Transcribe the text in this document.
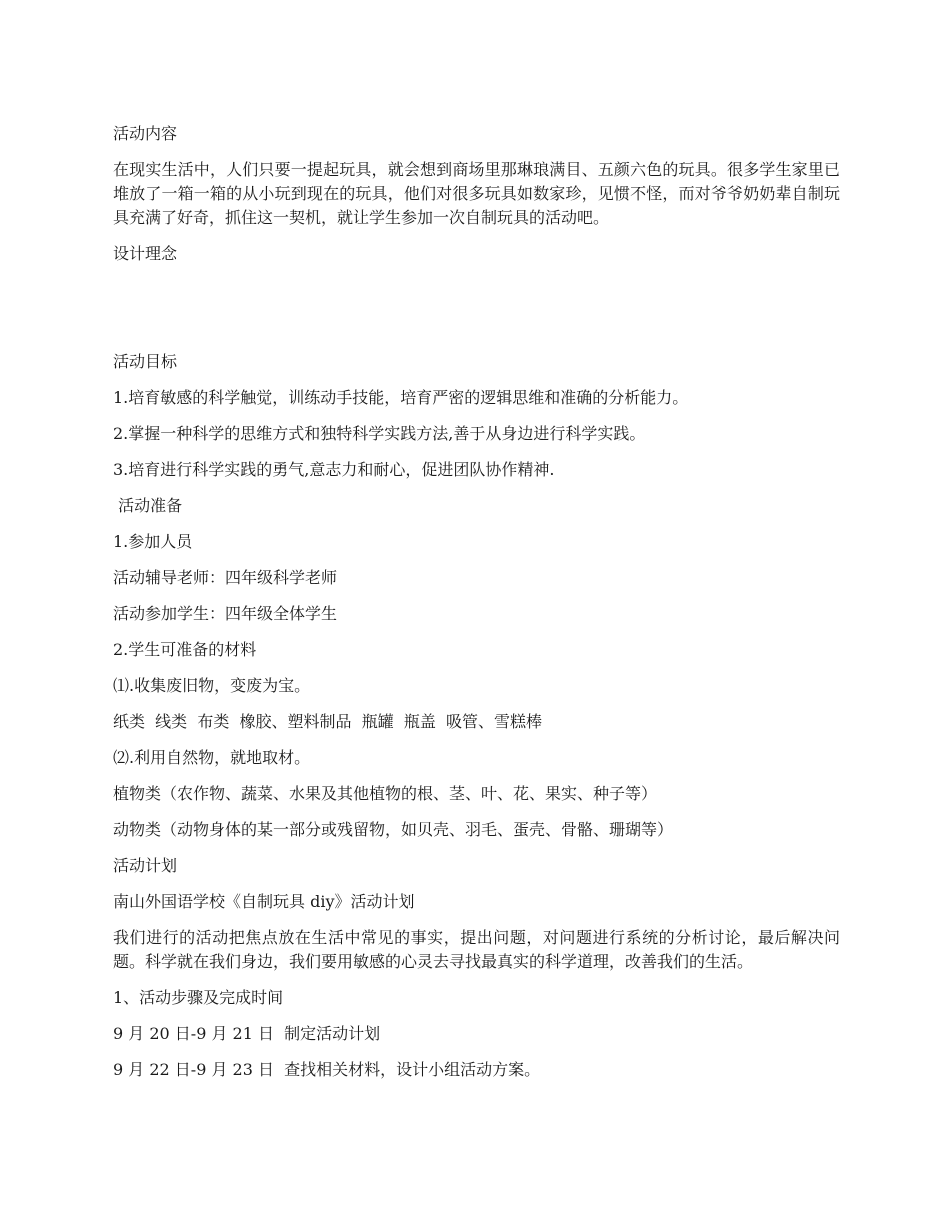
活动内容

在现实生活中，人们只要一提起玩具，就会想到商场里那琳琅满目、五颜六色的玩具。很多学生家里已堆放了一箱一箱的从小玩到现在的玩具，他们对很多玩具如数家珍，见惯不怪，而对爷爷奶奶辈自制玩具充满了好奇，抓住这一契机，就让学生参加一次自制玩具的活动吧。

设计理念

活动目标

1.培育敏感的科学触觉，训练动手技能，培育严密的逻辑思维和准确的分析能力。

2.掌握一种科学的思维方式和独特科学实践方法,善于从身边进行科学实践。

3.培育进行科学实践的勇气,意志力和耐心，促进团队协作精神.

活动准备

1.参加人员

活动辅导老师：四年级科学老师

活动参加学生：四年级全体学生

2.学生可准备的材料

⑴.收集废旧物，变废为宝。

纸类  线类  布类  橡胶、塑料制品  瓶罐  瓶盖  吸管、雪糕棒

⑵.利用自然物，就地取材。

植物类（农作物、蔬菜、水果及其他植物的根、茎、叶、花、果实、种子等）

动物类（动物身体的某一部分或残留物，如贝壳、羽毛、蛋壳、骨骼、珊瑚等）

活动计划

南山外国语学校《自制玩具 diy》活动计划

我们进行的活动把焦点放在生活中常见的事实，提出问题，对问题进行系统的分析讨论，最后解决问题。科学就在我们身边，我们要用敏感的心灵去寻找最真实的科学道理，改善我们的生活。

1、活动步骤及完成时间

9 月 20 日-9 月 21 日  制定活动计划

9 月 22 日-9 月 23 日  查找相关材料，设计小组活动方案。
